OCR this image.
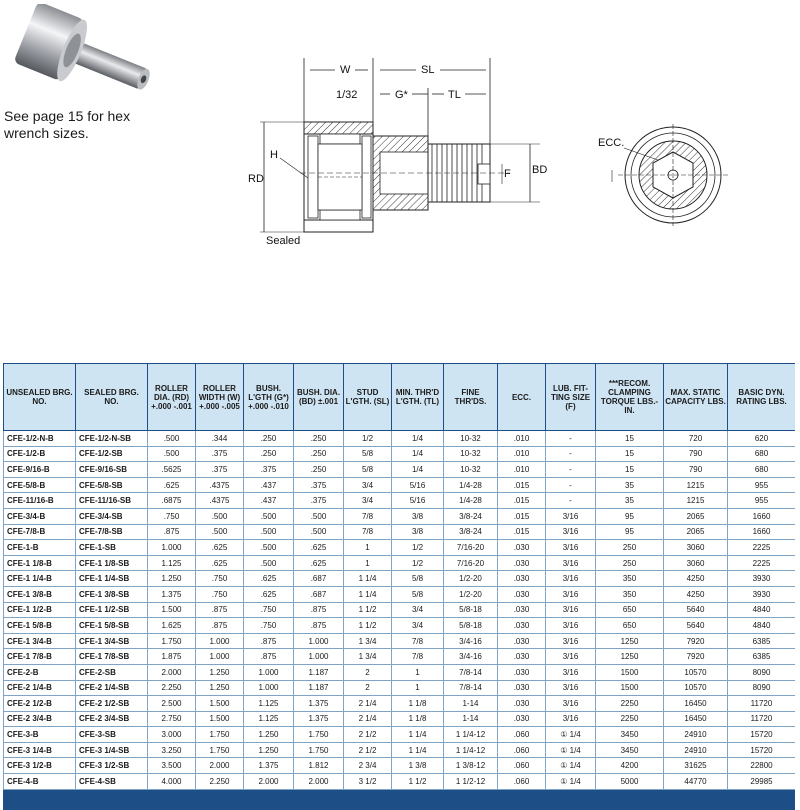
See page 15 for hex
wrench sizes.
W	SL
1/32	G*	TL
RD
H
BD
F
Sealed
ECC.
UNSEALED BRG. NO.	SEALED BRG. NO.	ROLLER DIA. (RD) +.000 -.001	ROLLER WIDTH (W) +.000 -.005	BUSH. L'GTH (G*) +.000 -.010	BUSH. DIA. (BD) ±.001	STUD L'GTH. (SL)	MIN. THR'D L'GTH. (TL)	FINE THR'DS.	ECC.	LUB. FIT- TING SIZE (F)	***RECOM. CLAMPING TORQUE LBS.- IN.	MAX. STATIC CAPACITY LBS.	BASIC DYN. RATING LBS.
CFE-1/2-N-B	CFE-1/2-N-SB	.500	.344	.250	.250	1/2	1/4	10-32	.010	-	15	720	620
CFE-1/2-B	CFE-1/2-SB	.500	.375	.250	.250	5/8	1/4	10-32	.010	-	15	790	680
CFE-9/16-B	CFE-9/16-SB	.5625	.375	.375	.250	5/8	1/4	10-32	.010	-	15	790	680
CFE-5/8-B	CFE-5/8-SB	.625	.4375	.437	.375	3/4	5/16	1/4-28	.015	-	35	1215	955
CFE-11/16-B	CFE-11/16-SB	.6875	.4375	.437	.375	3/4	5/16	1/4-28	.015	-	35	1215	955
CFE-3/4-B	CFE-3/4-SB	.750	.500	.500	.500	7/8	3/8	3/8-24	.015	3/16	95	2065	1660
CFE-7/8-B	CFE-7/8-SB	.875	.500	.500	.500	7/8	3/8	3/8-24	.015	3/16	95	2065	1660
CFE-1-B	CFE-1-SB	1.000	.625	.500	.625	1	1/2	7/16-20	.030	3/16	250	3060	2225
CFE-1 1/8-B	CFE-1 1/8-SB	1.125	.625	.500	.625	1	1/2	7/16-20	.030	3/16	250	3060	2225
CFE-1 1/4-B	CFE-1 1/4-SB	1.250	.750	.625	.687	1 1/4	5/8	1/2-20	.030	3/16	350	4250	3930
CFE-1 3/8-B	CFE-1 3/8-SB	1.375	.750	.625	.687	1 1/4	5/8	1/2-20	.030	3/16	350	4250	3930
CFE-1 1/2-B	CFE-1 1/2-SB	1.500	.875	.750	.875	1 1/2	3/4	5/8-18	.030	3/16	650	5640	4840
CFE-1 5/8-B	CFE-1 5/8-SB	1.625	.875	.750	.875	1 1/2	3/4	5/8-18	.030	3/16	650	5640	4840
CFE-1 3/4-B	CFE-1 3/4-SB	1.750	1.000	.875	1.000	1 3/4	7/8	3/4-16	.030	3/16	1250	7920	6385
CFE-1 7/8-B	CFE-1 7/8-SB	1.875	1.000	.875	1.000	1 3/4	7/8	3/4-16	.030	3/16	1250	7920	6385
CFE-2-B	CFE-2-SB	2.000	1.250	1.000	1.187	2	1	7/8-14	.030	3/16	1500	10570	8090
CFE-2 1/4-B	CFE-2 1/4-SB	2.250	1.250	1.000	1.187	2	1	7/8-14	.030	3/16	1500	10570	8090
CFE-2 1/2-B	CFE-2 1/2-SB	2.500	1.500	1.125	1.375	2 1/4	1 1/8	1-14	.030	3/16	2250	16450	11720
CFE-2 3/4-B	CFE-2 3/4-SB	2.750	1.500	1.125	1.375	2 1/4	1 1/8	1-14	.030	3/16	2250	16450	11720
CFE-3-B	CFE-3-SB	3.000	1.750	1.250	1.750	2 1/2	1 1/4	1 1/4-12	.060	① 1/4	3450	24910	15720
CFE-3 1/4-B	CFE-3 1/4-SB	3.250	1.750	1.250	1.750	2 1/2	1 1/4	1 1/4-12	.060	① 1/4	3450	24910	15720
CFE-3 1/2-B	CFE-3 1/2-SB	3.500	2.000	1.375	1.812	2 3/4	1 3/8	1 3/8-12	.060	① 1/4	4200	31625	22800
CFE-4-B	CFE-4-SB	4.000	2.250	2.000	2.000	3 1/2	1 1/2	1 1/2-12	.060	① 1/4	5000	44770	29985
